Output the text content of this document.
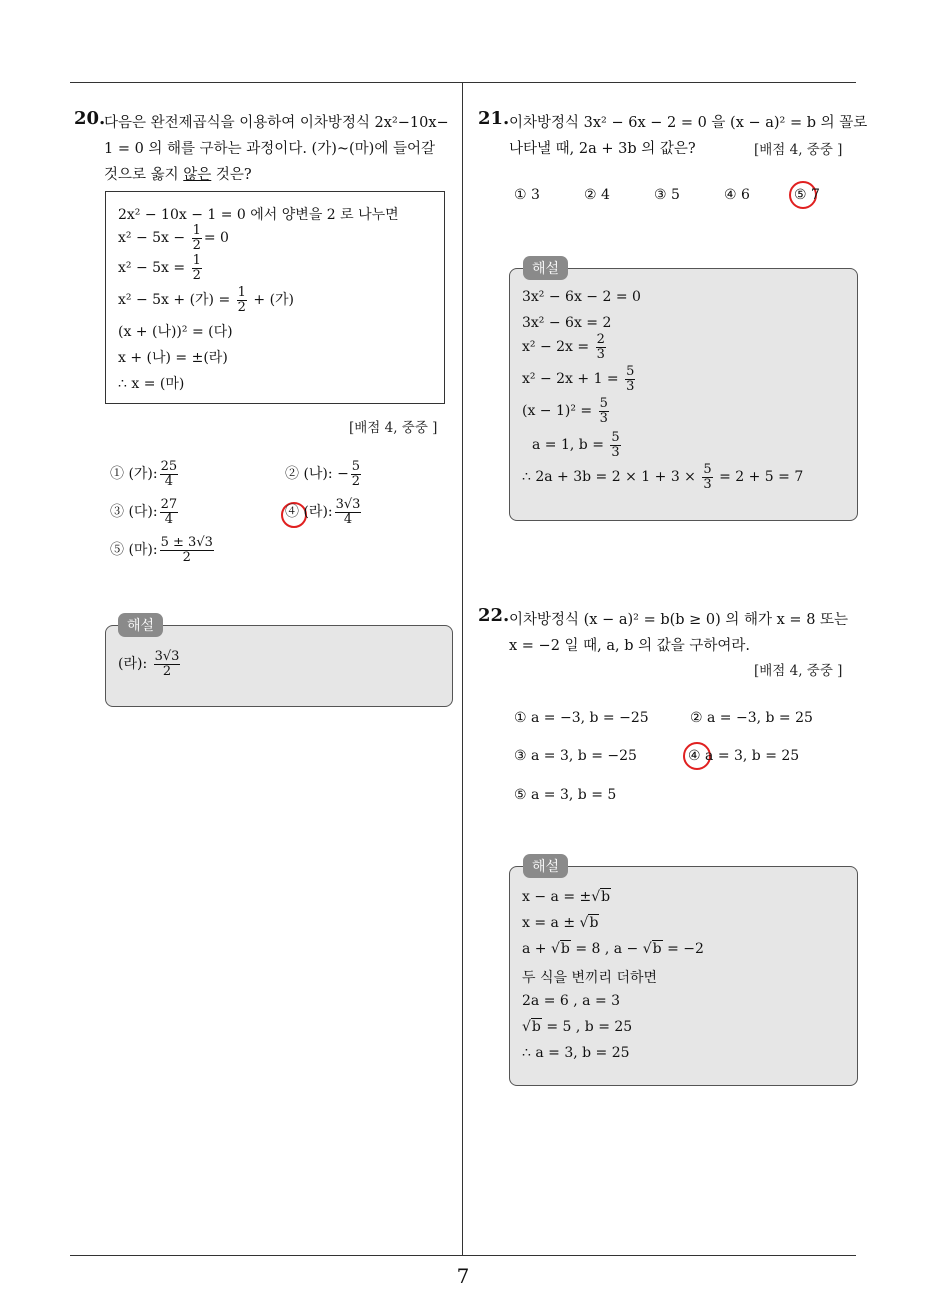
7
20.
다음은 완전제곱식을 이용하여 이차방정식 2x²−10x−
1 = 0 의 해를 구하는 과정이다. (가)~(마)에 들어갈
것으로 옳지 않은 것은?
2x² − 10x − 1 = 0 에서 양변을 2 로 나누면
$x^2 - 5x - \frac{1}{2} = 0$
$x^2 - 5x = \frac{1}{2}$
x² − 5x + (가) = $\frac{1}{2}$ + (가)
(x + (나))² = (다)
x + (나) = ±(라)
∴ x = (마)
[배점 4, 중중 ]
① (가): $\frac{25}{4}$	② (나): − $\frac{5}{2}$
③ (다): $\frac{27}{4}$	④ (라): $\frac{3√3}{4}$
⑤ (마): $\frac{5 \pm 3√3}{2}$
(라): $\frac{3√3}{2}$
해설
21. 이차방정식 3x² − 6x − 2 = 0 을 (x − a)² = b 의 꼴로
나타낼 때, 2a + 3b 의 값은?	[배점 4, 중중 ]
① 3	② 4	③ 5	④ 6	⑤ 7
3x² − 6x − 2 = 0
3x² − 6x = 2
$x^2 - 2x = \frac{2}{3}$
$x^2 - 2x + 1 = \frac{5}{3}$
$(x - 1)^2 = \frac{5}{3}$
a = 1, $b = \frac{5}{3}$
∴ $2a + 3b = 2 \times 1 + 3 \times \frac{5}{3} = 2 + 5 = 7$
해설
22. 이차방정식 (x − a)² = b(b ≥ 0) 의 해가 x = 8 또는
x = −2 일 때, a, b 의 값을 구하여라.
[배점 4, 중중 ]
① a = −3, b = −25	② a = −3, b = 25
③ a = 3, b = −25	④ a = 3, b = 25
⑤ a = 3, b = 5
x − a = ±√b
x = a ± √b
a + √b = 8 , a − √b = −2
두 식을 변끼리 더하면
2a = 6 , a = 3
√b = 5 , b = 25
∴ a = 3, b = 25
해설
